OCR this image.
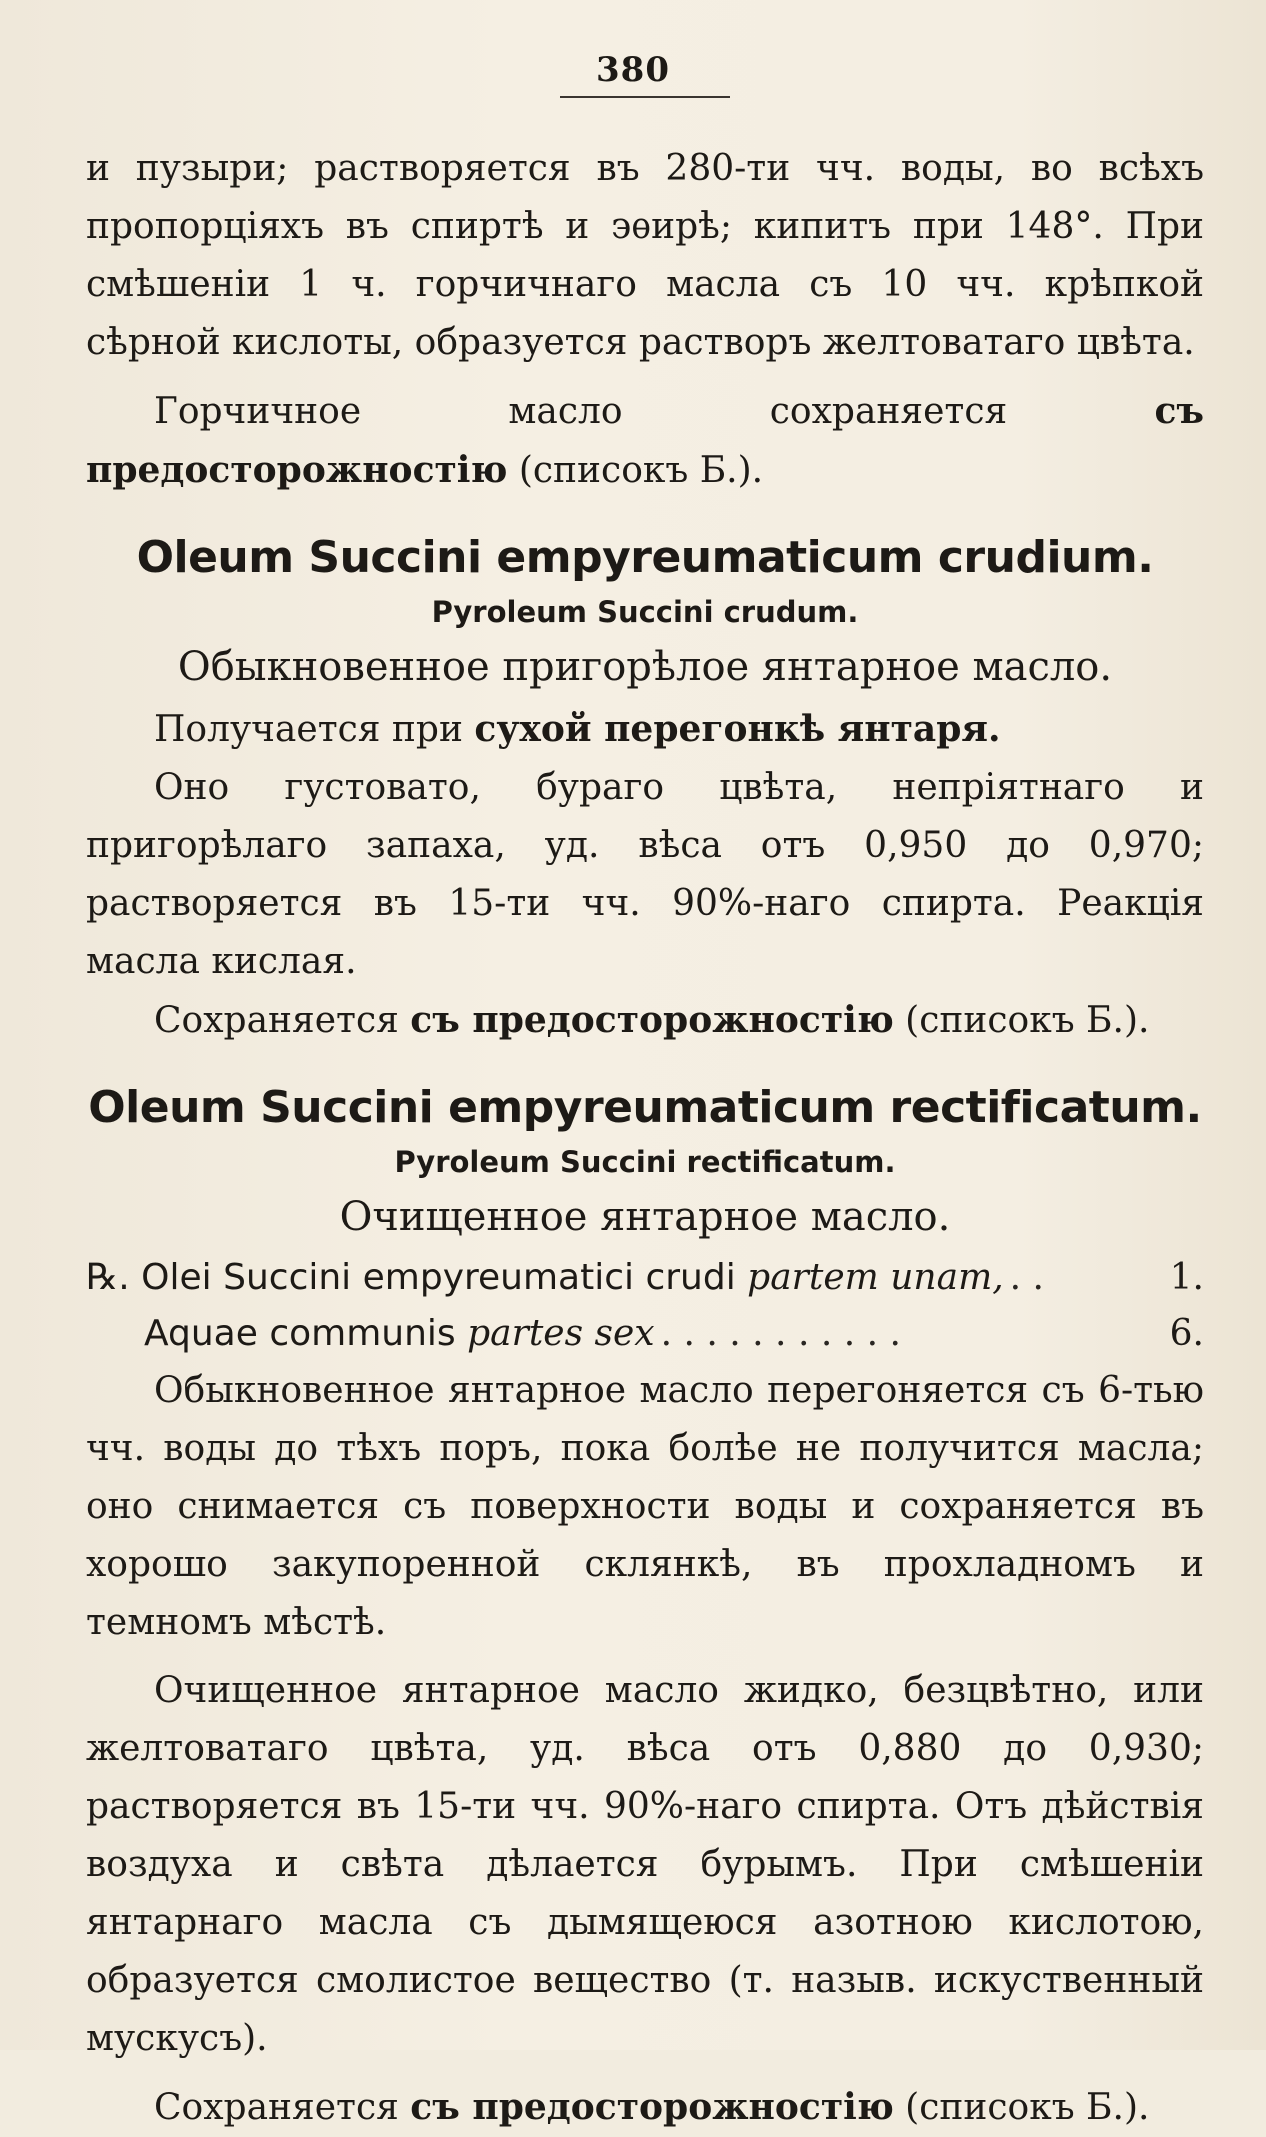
380

и пузыри; растворяется въ 280-ти чч. воды, во всѣхъ пропорціяхъ въ спиртѣ и эѳирѣ; кипитъ при 148°. При смѣшеніи 1 ч. горчичнаго масла съ 10 чч. крѣпкой сѣрной кислоты, образуется растворъ желтоватаго цвѣта.

Горчичное масло сохраняется съ предосторожностію (списокъ Б.).

Oleum Succini empyreumaticum crudium.

Pyroleum Succini crudum.

Обыкновенное пригорѣлое янтарное масло.

Получается при сухой перегонкѣ янтаря.

Оно густовато, бураго цвѣта, непріятнаго и пригорѣлаго запаха, уд. вѣса отъ 0,950 до 0,970; растворяется въ 15-ти чч. 90%-наго спирта. Реакція масла кислая.

Сохраняется съ предосторожностію (списокъ Б.).

Oleum Succini empyreumaticum rectificatum.

Pyroleum Succini rectificatum.

Очищенное янтарное масло.

℞.
Olei Succini empyreumatici crudi
partem unam, . .	1.
Aquae communis
partes sex . . . . . . . . . . .	6.

Обыкновенное янтарное масло перегоняется съ 6-тью чч. воды до тѣхъ поръ, пока болѣе не получится масла; оно снимается съ поверхности воды и сохраняется въ хорошо закупоренной склянкѣ, въ прохладномъ и темномъ мѣстѣ.

Очищенное янтарное масло жидко, безцвѣтно, или желтоватаго цвѣта, уд. вѣса отъ 0,880 до 0,930; растворяется въ 15-ти чч. 90%-наго спирта. Отъ дѣйствія воздуха и свѣта дѣлается бурымъ. При смѣшеніи янтарнаго масла съ дымящеюся азотною кислотою, образуется смолистое вещество (т. назыв. искуственный мускусъ).

Сохраняется съ предосторожностію (списокъ Б.).
